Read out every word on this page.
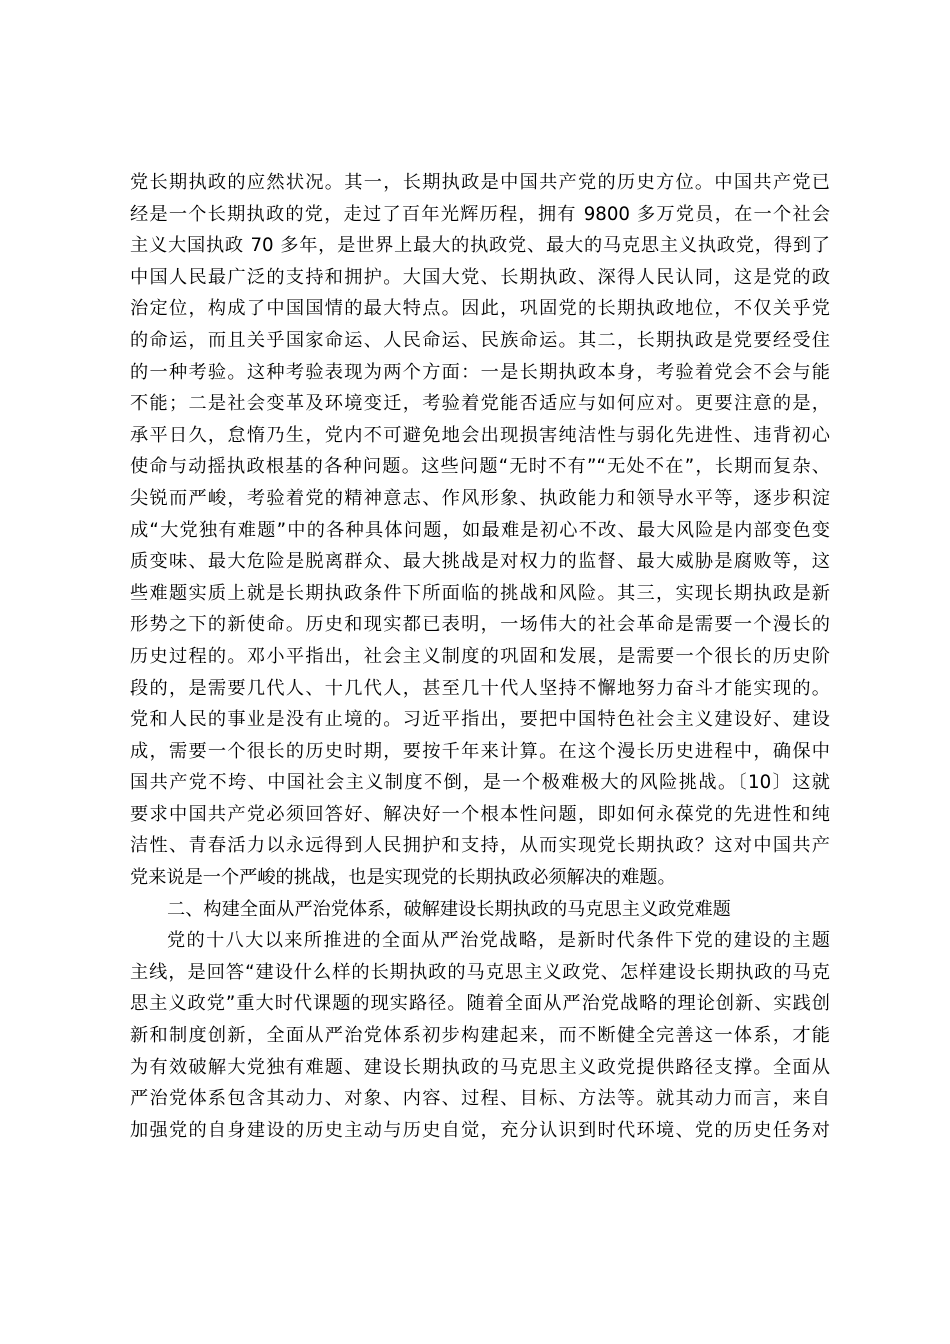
党长期执政的应然状况。其一，长期执政是中国共产党的历史方位。中国共产党已
经是一个长期执政的党，走过了百年光辉历程，拥有 9800 多万党员，在一个社会
主义大国执政 70 多年，是世界上最大的执政党、最大的马克思主义执政党，得到了
中国人民最广泛的支持和拥护。大国大党、长期执政、深得人民认同，这是党的政
治定位，构成了中国国情的最大特点。因此，巩固党的长期执政地位，不仅关乎党
的命运，而且关乎国家命运、人民命运、民族命运。其二，长期执政是党要经受住
的一种考验。这种考验表现为两个方面：一是长期执政本身，考验着党会不会与能
不能；二是社会变革及环境变迁，考验着党能否适应与如何应对。更要注意的是，
承平日久，怠惰乃生，党内不可避免地会出现损害纯洁性与弱化先进性、违背初心
使命与动摇执政根基的各种问题。这些问题“无时不有”“无处不在”，长期而复杂、
尖锐而严峻，考验着党的精神意志、作风形象、执政能力和领导水平等，逐步积淀
成“大党独有难题”中的各种具体问题，如最难是初心不改、最大风险是内部变色变
质变味、最大危险是脱离群众、最大挑战是对权力的监督、最大威胁是腐败等，这
些难题实质上就是长期执政条件下所面临的挑战和风险。其三，实现长期执政是新
形势之下的新使命。历史和现实都已表明，一场伟大的社会革命是需要一个漫长的
历史过程的。邓小平指出，社会主义制度的巩固和发展，是需要一个很长的历史阶
段的，是需要几代人、十几代人，甚至几十代人坚持不懈地努力奋斗才能实现的。
党和人民的事业是没有止境的。习近平指出，要把中国特色社会主义建设好、建设
成，需要一个很长的历史时期，要按千年来计算。在这个漫长历史进程中，确保中
国共产党不垮、中国社会主义制度不倒，是一个极难极大的风险挑战。〔10〕这就
要求中国共产党必须回答好、解决好一个根本性问题，即如何永葆党的先进性和纯
洁性、青春活力以永远得到人民拥护和支持，从而实现党长期执政？这对中国共产
党来说是一个严峻的挑战，也是实现党的长期执政必须解决的难题。
二、构建全面从严治党体系，破解建设长期执政的马克思主义政党难题
党的十八大以来所推进的全面从严治党战略，是新时代条件下党的建设的主题
主线，是回答“建设什么样的长期执政的马克思主义政党、怎样建设长期执政的马克
思主义政党”重大时代课题的现实路径。随着全面从严治党战略的理论创新、实践创
新和制度创新，全面从严治党体系初步构建起来，而不断健全完善这一体系，才能
为有效破解大党独有难题、建设长期执政的马克思主义政党提供路径支撑。全面从
严治党体系包含其动力、对象、内容、过程、目标、方法等。就其动力而言，来自
加强党的自身建设的历史主动与历史自觉，充分认识到时代环境、党的历史任务对
